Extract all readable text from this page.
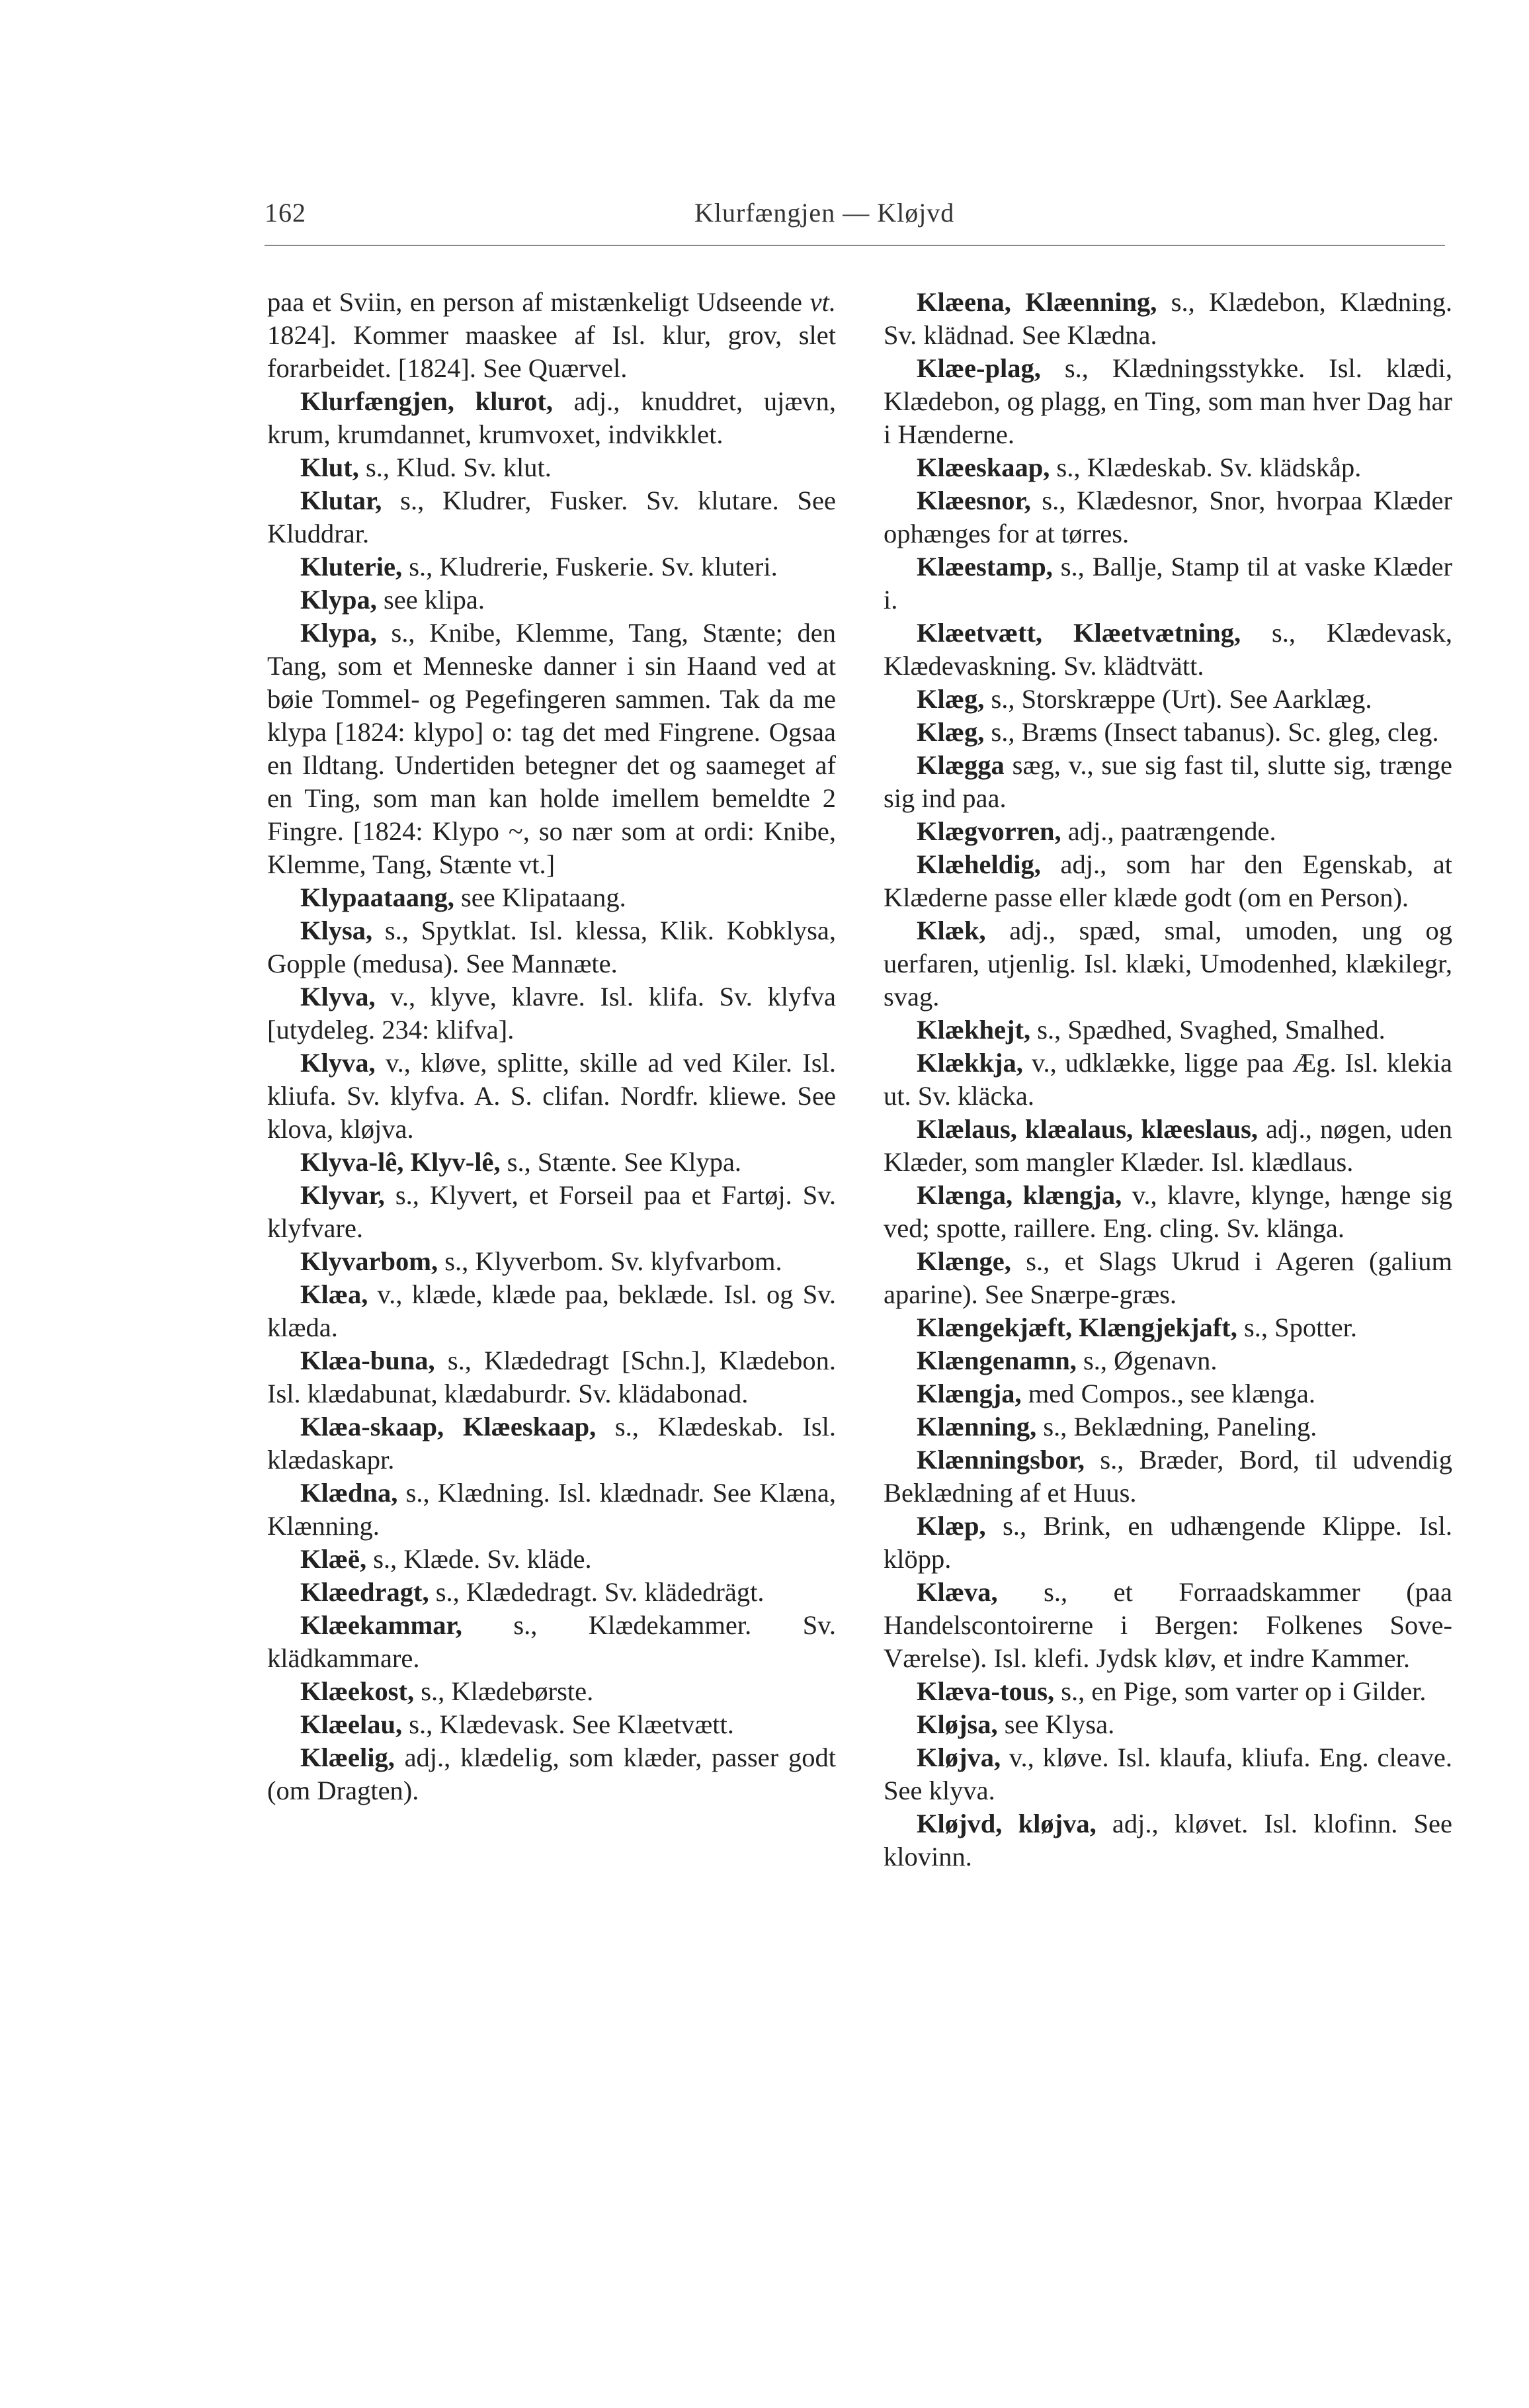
162	Klurfængjen — Kløjvd

paa et Sviin, en person af mistænkeligt Udseende vt. 1824]. Kommer maaskee af Isl. klur, grov, slet forarbeidet. [1824]. See Quærvel.

Klurfængjen, klurot, adj., knuddret, ujævn, krum, krumdannet, krumvoxet, indvikklet.

Klut, s., Klud. Sv. klut.

Klutar, s., Kludrer, Fusker. Sv. klutare. See Kluddrar.

Kluterie, s., Kludrerie, Fuskerie. Sv. kluteri.

Klypa, see klipa.

Klypa, s., Knibe, Klemme, Tang, Stænte; den Tang, som et Menneske danner i sin Haand ved at bøie Tommel- og Pegefingeren sammen. Tak da me klypa [1824: klypo] o: tag det med Fingrene. Ogsaa en Ildtang. Undertiden betegner det og saameget af en Ting, som man kan holde imellem bemeldte 2 Fingre. [1824: Klypo ~, so nær som at ordi: Knibe, Klemme, Tang, Stænte vt.]

Klypaataang, see Klipataang.

Klysa, s., Spytklat. Isl. klessa, Klik. Kobklysa, Gopple (medusa). See Mannæte.

Klyva, v., klyve, klavre. Isl. klifa. Sv. klyfva [utydeleg. 234: klifva].

Klyva, v., kløve, splitte, skille ad ved Kiler. Isl. kliufa. Sv. klyfva. A. S. clifan. Nordfr. kliewe. See klova, kløjva.

Klyva-lê, Klyv-lê, s., Stænte. See Klypa.

Klyvar, s., Klyvert, et Forseil paa et Fartøj. Sv. klyfvare.

Klyvarbom, s., Klyverbom. Sv. klyfvarbom.

Klæa, v., klæde, klæde paa, beklæde. Isl. og Sv. klæda.

Klæa-buna, s., Klædedragt [Schn.], Klædebon. Isl. klædabunat, klædaburdr. Sv. klädabonad.

Klæa-skaap, Klæeskaap, s., Klædeskab. Isl. klædaskapr.

Klædna, s., Klædning. Isl. klædnadr. See Klæna, Klænning.

Klæë, s., Klæde. Sv. kläde.

Klæedragt, s., Klædedragt. Sv. klädedrägt.

Klæekammar, s., Klædekammer. Sv. klädkammare.

Klæekost, s., Klædebørste.

Klæelau, s., Klædevask. See Klæetvætt.

Klæelig, adj., klædelig, som klæder, passer godt (om Dragten).

Klæena, Klæenning, s., Klædebon, Klædning. Sv. klädnad. See Klædna.

Klæe-plag, s., Klædningsstykke. Isl. klædi, Klædebon, og plagg, en Ting, som man hver Dag har i Hænderne.

Klæeskaap, s., Klædeskab. Sv. klädskåp.

Klæesnor, s., Klædesnor, Snor, hvorpaa Klæder ophænges for at tørres.

Klæestamp, s., Ballje, Stamp til at vaske Klæder i.

Klæetvætt, Klæetvætning, s., Klædevask, Klædevaskning. Sv. klädtvätt.

Klæg, s., Storskræppe (Urt). See Aarklæg.

Klæg, s., Bræms (Insect tabanus). Sc. gleg, cleg.

Klægga sæg, v., sue sig fast til, slutte sig, trænge sig ind paa.

Klægvorren, adj., paatrængende.

Klæheldig, adj., som har den Egenskab, at Klæderne passe eller klæde godt (om en Person).

Klæk, adj., spæd, smal, umoden, ung og uerfaren, utjenlig. Isl. klæki, Umodenhed, klækilegr, svag.

Klækhejt, s., Spædhed, Svaghed, Smalhed.

Klækkja, v., udklække, ligge paa Æg. Isl. klekia ut. Sv. kläcka.

Klælaus, klæalaus, klæeslaus, adj., nøgen, uden Klæder, som mangler Klæder. Isl. klædlaus.

Klænga, klængja, v., klavre, klynge, hænge sig ved; spotte, raillere. Eng. cling. Sv. klänga.

Klænge, s., et Slags Ukrud i Ageren (galium aparine). See Snærpe-græs.

Klængekjæft, Klængjekjaft, s., Spotter.

Klængenamn, s., Øgenavn.

Klængja, med Compos., see klænga.

Klænning, s., Beklædning, Paneling.

Klænningsbor, s., Bræder, Bord, til udvendig Beklædning af et Huus.

Klæp, s., Brink, en udhængende Klippe. Isl. klöpp.

Klæva, s., et Forraadskammer (paa Handelscontoirerne i Bergen: Folkenes Sove-Værelse). Isl. klefi. Jydsk kløv, et indre Kammer.

Klæva-tous, s., en Pige, som varter op i Gilder.

Kløjsa, see Klysa.

Kløjva, v., kløve. Isl. klaufa, kliufa. Eng. cleave. See klyva.

Kløjvd, kløjva, adj., kløvet. Isl. klofinn. See klovinn.
